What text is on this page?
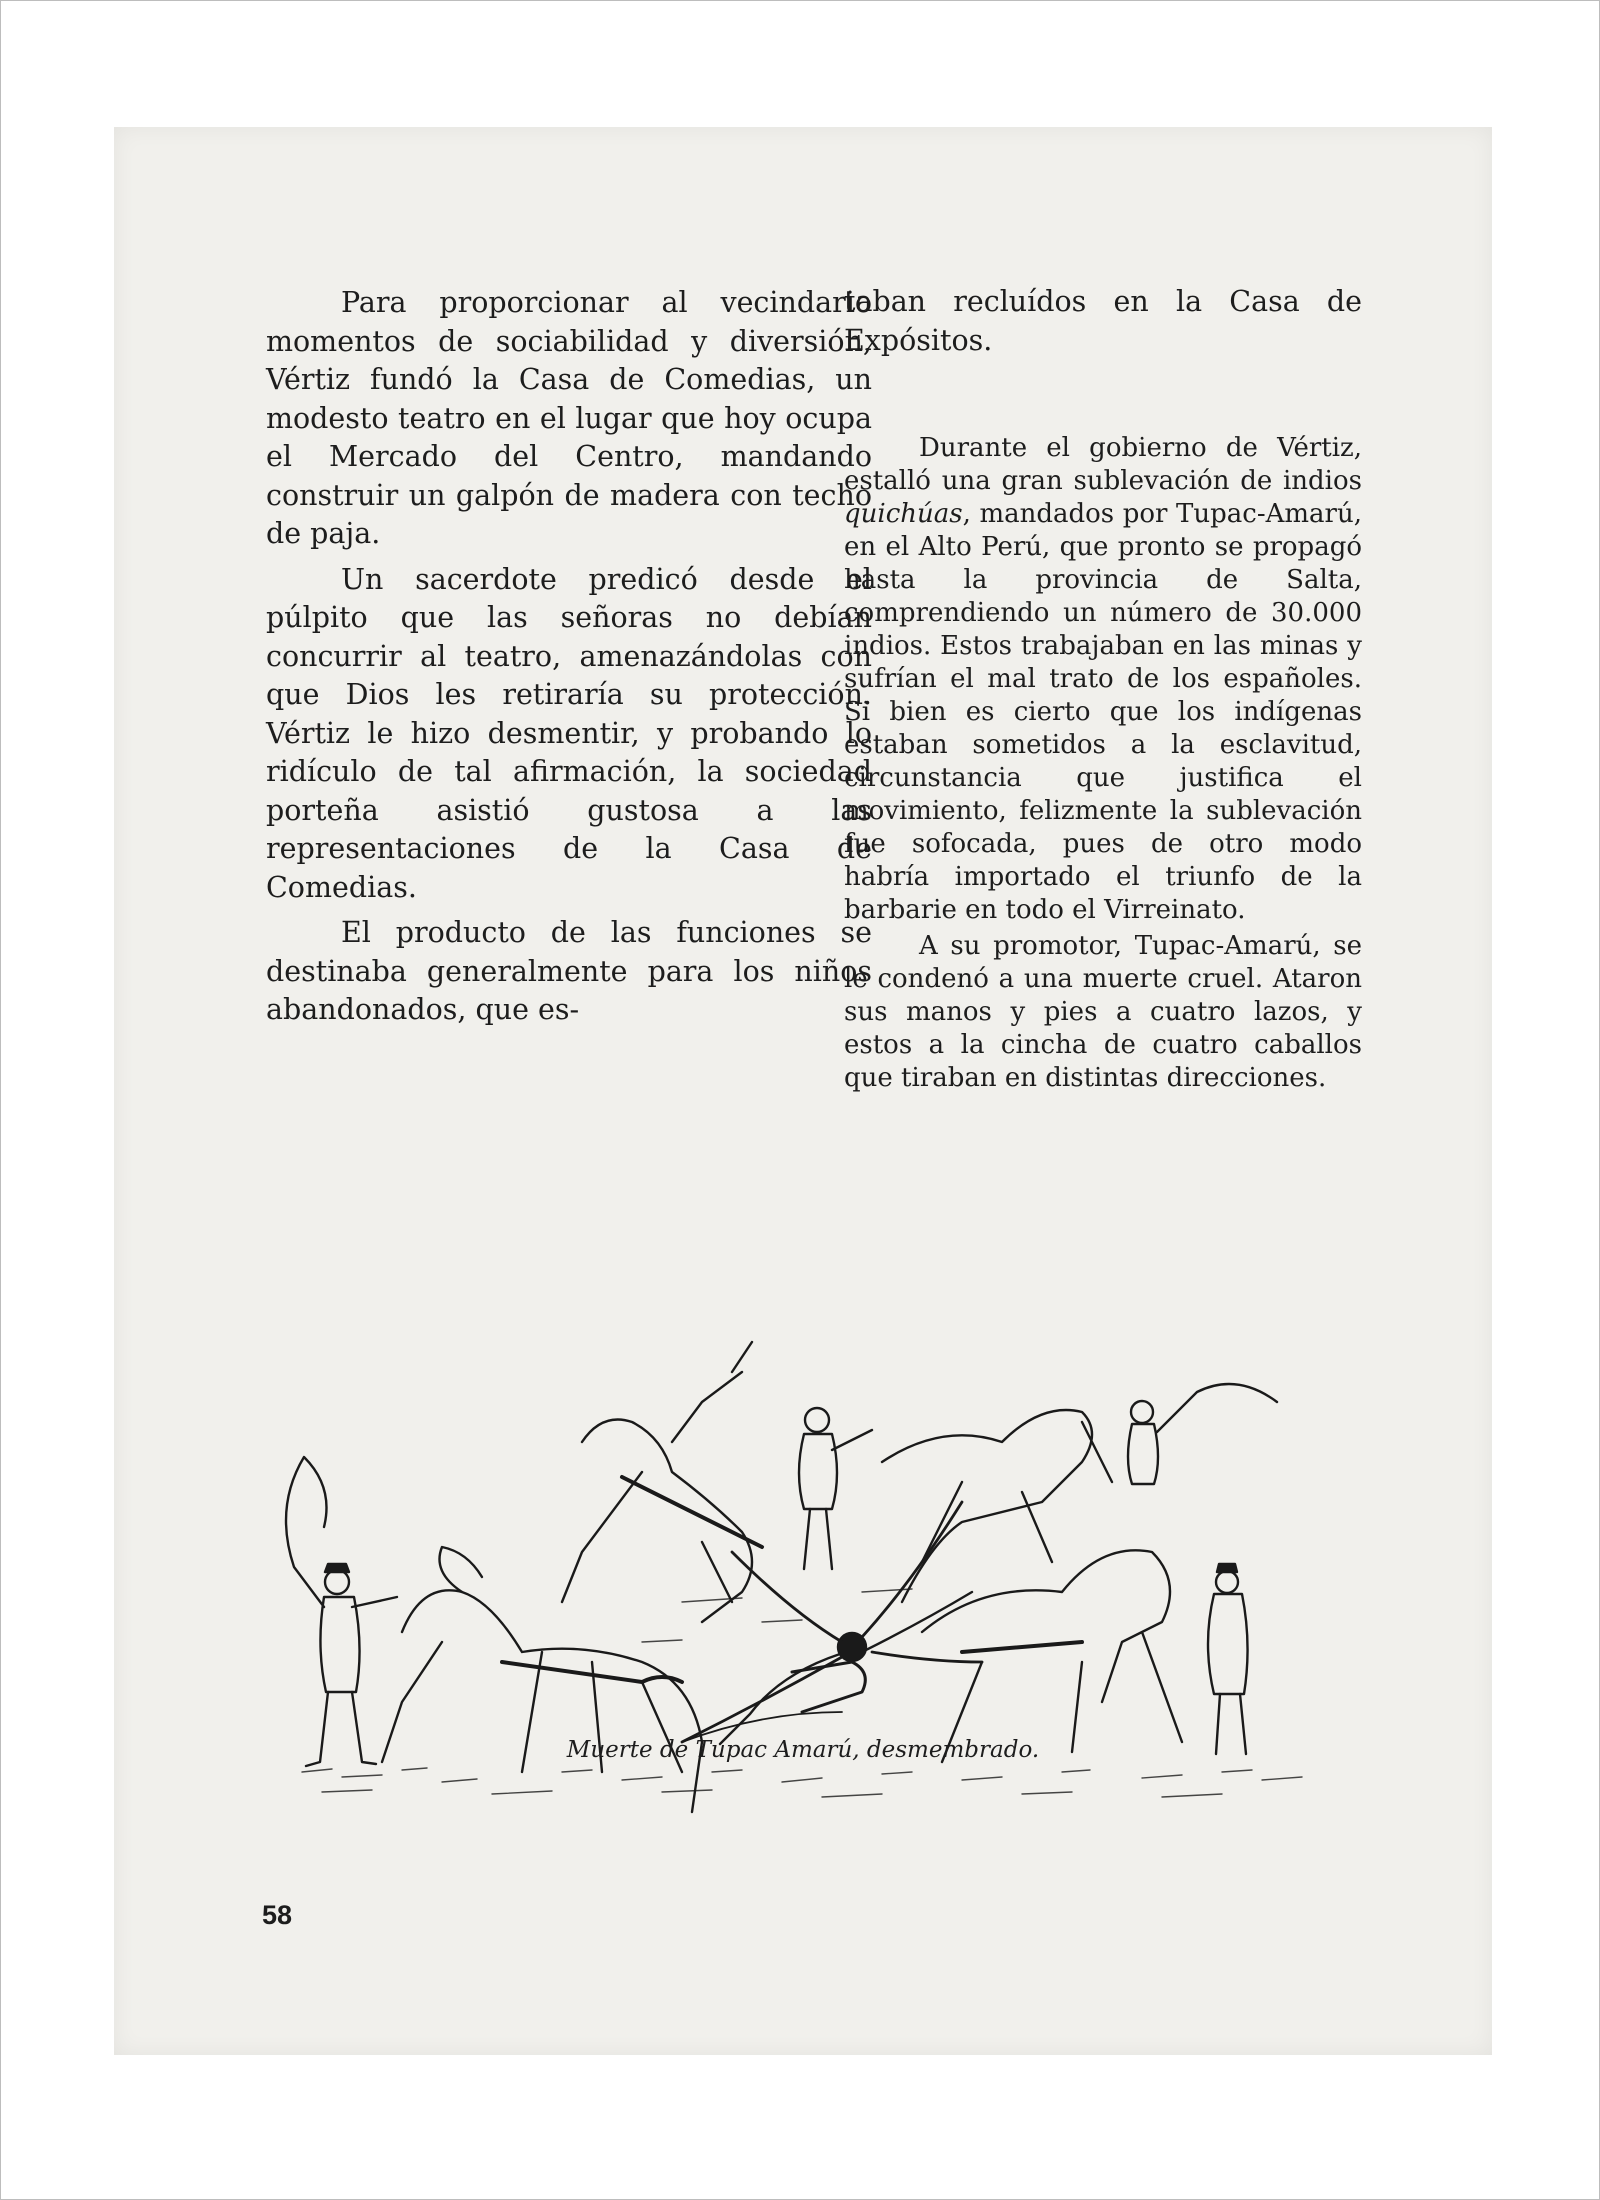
Para proporcionar al vecindario momentos de sociabilidad y diversión, Vértiz fundó la Casa de Comedias, un modesto teatro en el lugar que hoy ocupa el Mercado del Centro, mandando construir un galpón de madera con techo de paja.

Un sacerdote predicó desde el púlpito que las señoras no debían concurrir al teatro, amenazándolas con que Dios les retiraría su protección. Vértiz le hizo desmentir, y probando lo ridículo de tal afirmación, la sociedad porteña asistió gustosa a las representaciones de la Casa de Comedias.

El producto de las funciones se destinaba generalmente para los niños abandonados, que es-

taban recluídos en la Casa de Expósitos.

Durante el gobierno de Vértiz, estalló una gran sublevación de indios quichúas, mandados por Tupac-Amarú, en el Alto Perú, que pronto se propagó hasta la provincia de Salta, comprendiendo un número de 30.000 indios. Estos trabajaban en las minas y sufrían el mal trato de los españoles. Si bien es cierto que los indígenas estaban sometidos a la esclavitud, circunstancia que justifica el movimiento, felizmente la sublevación fue sofocada, pues de otro modo habría importado el triunfo de la barbarie en todo el Virreinato.

A su promotor, Tupac-Amarú, se le condenó a una muerte cruel. Ataron sus manos y pies a cuatro lazos, y estos a la cincha de cuatro caballos que tiraban en distintas direcciones.

Muerte de Tupac Amarú, desmembrado.
58
